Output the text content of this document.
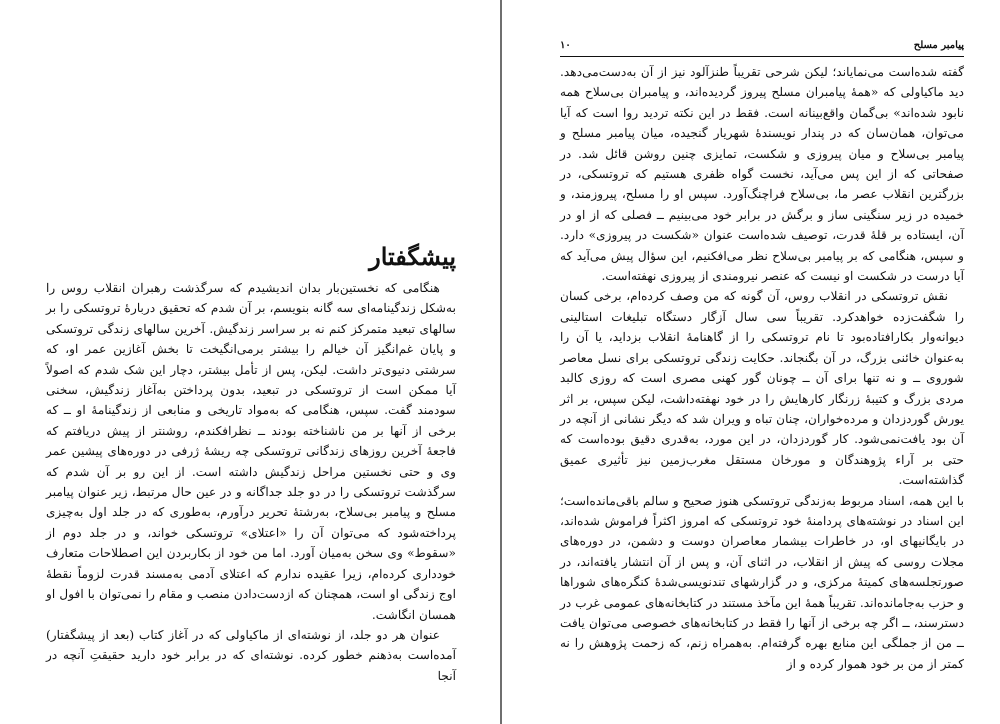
پیشگفتار

هنگامی که نخستین‌بار بدان اندیشیدم که سرگذشت رهبران انقلاب روس را به‌شکل زندگینامه‌ای سه گانه بنویسم، بر آن شدم که تحقیق دربارهٔ تروتسکی را بر سالهای تبعید متمرکز کنم نه بر سراسر زندگیش. آخرین سالهای زندگی تروتسکی و پایان غم‌انگیز آن خیالم را بیشتر برمی‌انگیخت تا بخش آغازین عمر او، که سرشتی دنیوی‌تر داشت. لیکن، پس از تأمل بیشتر، دچار این شک شدم که اصولاً آیا ممکن است از تروتسکی در تبعید، بدون پرداختن به‌آغاز زندگیش، سخنی سودمند گفت. سپس، هنگامی که به‌مواد تاریخی و منابعی از زندگینامهٔ او ــ که برخی از آنها بر من ناشناخته بودند ــ نظرافکندم، روشنتر از پیش دریافتم که فاجعهٔ آخرین روزهای زندگانی تروتسکی چه ریشهٔ ژرفی در دوره‌های پیشین عمر وی و حتی نخستین مراحل زندگیش داشته است. از این رو بر آن شدم که سرگذشت تروتسکی را در دو جلد جداگانه و در عین حال مرتبط، زیر عنوان پیامبر مسلح و پیامبر بی‌سلاح، به‌رشتهٔ تحریر درآورم، به‌طوری که در جلد اول به‌چیزی پرداخته‌شود که می‌توان آن را «اعتلای» تروتسکی خواند، و در جلد دوم از «سقوط» وی سخن به‌میان آورد. اما من خود از بکاربردن این اصطلاحات متعارف خودداری کرده‌ام، زیرا عقیده ندارم که اعتلای آدمی به‌مسند قدرت لزوماً نقطهٔ اوج زندگی او است، همچنان که ازدست‌دادن منصب و مقام را نمی‌توان با افول او همسان انگاشت.

عنوان هر دو جلد، از نوشته‌ای از ماکیاولی که در آغاز کتاب (بعد از پیشگفتار) آمده‌است به‌ذهنم خطور کرده. نوشته‌ای که در برابر خود دارید حقیقتِ آنچه در آنجا

۱۰	پیامبر مسلح

گفته شده‌است می‌نمایاند؛ لیکن شرحی تقریباً طنزآلود نیز از آن به‌دست‌می‌دهد. دید ماکیاولی که «همهٔ پیامبران مسلح پیروز گردیده‌اند، و پیامبران بی‌سلاح همه نابود شده‌اند» بی‌گمان واقع‌بینانه است. فقط در این نکته تردید روا است که آیا می‌توان، همان‌سان که در پندار نویسندهٔ شهریار گنجیده، میان پیامبر مسلح و پیامبر بی‌سلاح و میان پیروزی و شکست، تمایزی چنین روشن قائل شد. در صفحاتی که از این پس می‌آید، نخست گواه ظفری هستیم که تروتسکی، در بزرگترین انقلاب عصر ما، بی‌سلاح فراچنگ‌آورد. سپس او را مسلح، پیروزمند، و خمیده در زیر سنگینی ساز و برگش در برابر خود می‌بینیم ــ فصلی که از او در آن، ایستاده بر قلهٔ قدرت، توصیف شده‌است عنوان «شکست در پیروزی» دارد. و سپس، هنگامی که بر پیامبر بی‌سلاح نظر می‌افکنیم، این سؤال پیش می‌آید که آیا درست در شکست او نیست که عنصر نیرومندی از پیروزی نهفته‌است.

نقش تروتسکی در انقلاب روس، آن گونه که من وصف کرده‌ام، برخی کسان را شگفت‌زده خواهدکرد. تقریباً سی سال آزگار دستگاه تبلیغات استالینی دیوانه‌وار بکارافتاده‌بود تا نام تروتسکی را از گاهنامهٔ انقلاب بزداید، یا آن را به‌عنوان خائنی بزرگ، در آن بگنجاند. حکایت زندگی تروتسکی برای نسل معاصر شوروی ــ و نه تنها برای آن ــ چونان گور کهنی مصری است که روزی کالبد مردی بزرگ و کتیبهٔ زرنگار کارهایش را در خود نهفته‌داشت، لیکن سپس، بر اثر یورش گوردزدان و مرده‌خواران، چنان تباه و ویران شد که دیگر نشانی از آنچه در آن بود یافت‌نمی‌شود. کار گوردزدان، در این مورد، به‌قدری دقیق بوده‌است که حتی بر آراء پژوهندگان و مورخان مستقل مغرب‌زمین نیز تأثیری عمیق گذاشته‌است.

با این همه، اسناد مربوط به‌زندگی تروتسکی هنوز صحیح و سالم باقی‌مانده‌است؛ این اسناد در نوشته‌های پردامنهٔ خود تروتسکی که امروز اکثراً فراموش شده‌اند، در بایگانیهای او، در خاطرات بیشمار معاصران دوست و دشمن، در دوره‌های مجلات روسی که پیش از انقلاب، در اثنای آن، و پس از آن انتشار یافته‌اند، در صورتجلسه‌های کمیتهٔ مرکزی، و در گزارشهای تندنویسی‌شدهٔ کنگره‌های شوراها و حزب به‌جامانده‌اند. تقریباً همهٔ این مآخذ مستند در کتابخانه‌های عمومی غرب در دسترسند، ــ اگر چه برخی از آنها را فقط در کتابخانه‌های خصوصی می‌توان یافت ــ من از جملگی این منابع بهره گرفته‌ام. به‌همراه زنم، که زحمت پژوهش را نه کمتر از من بر خود هموار کرده و از
